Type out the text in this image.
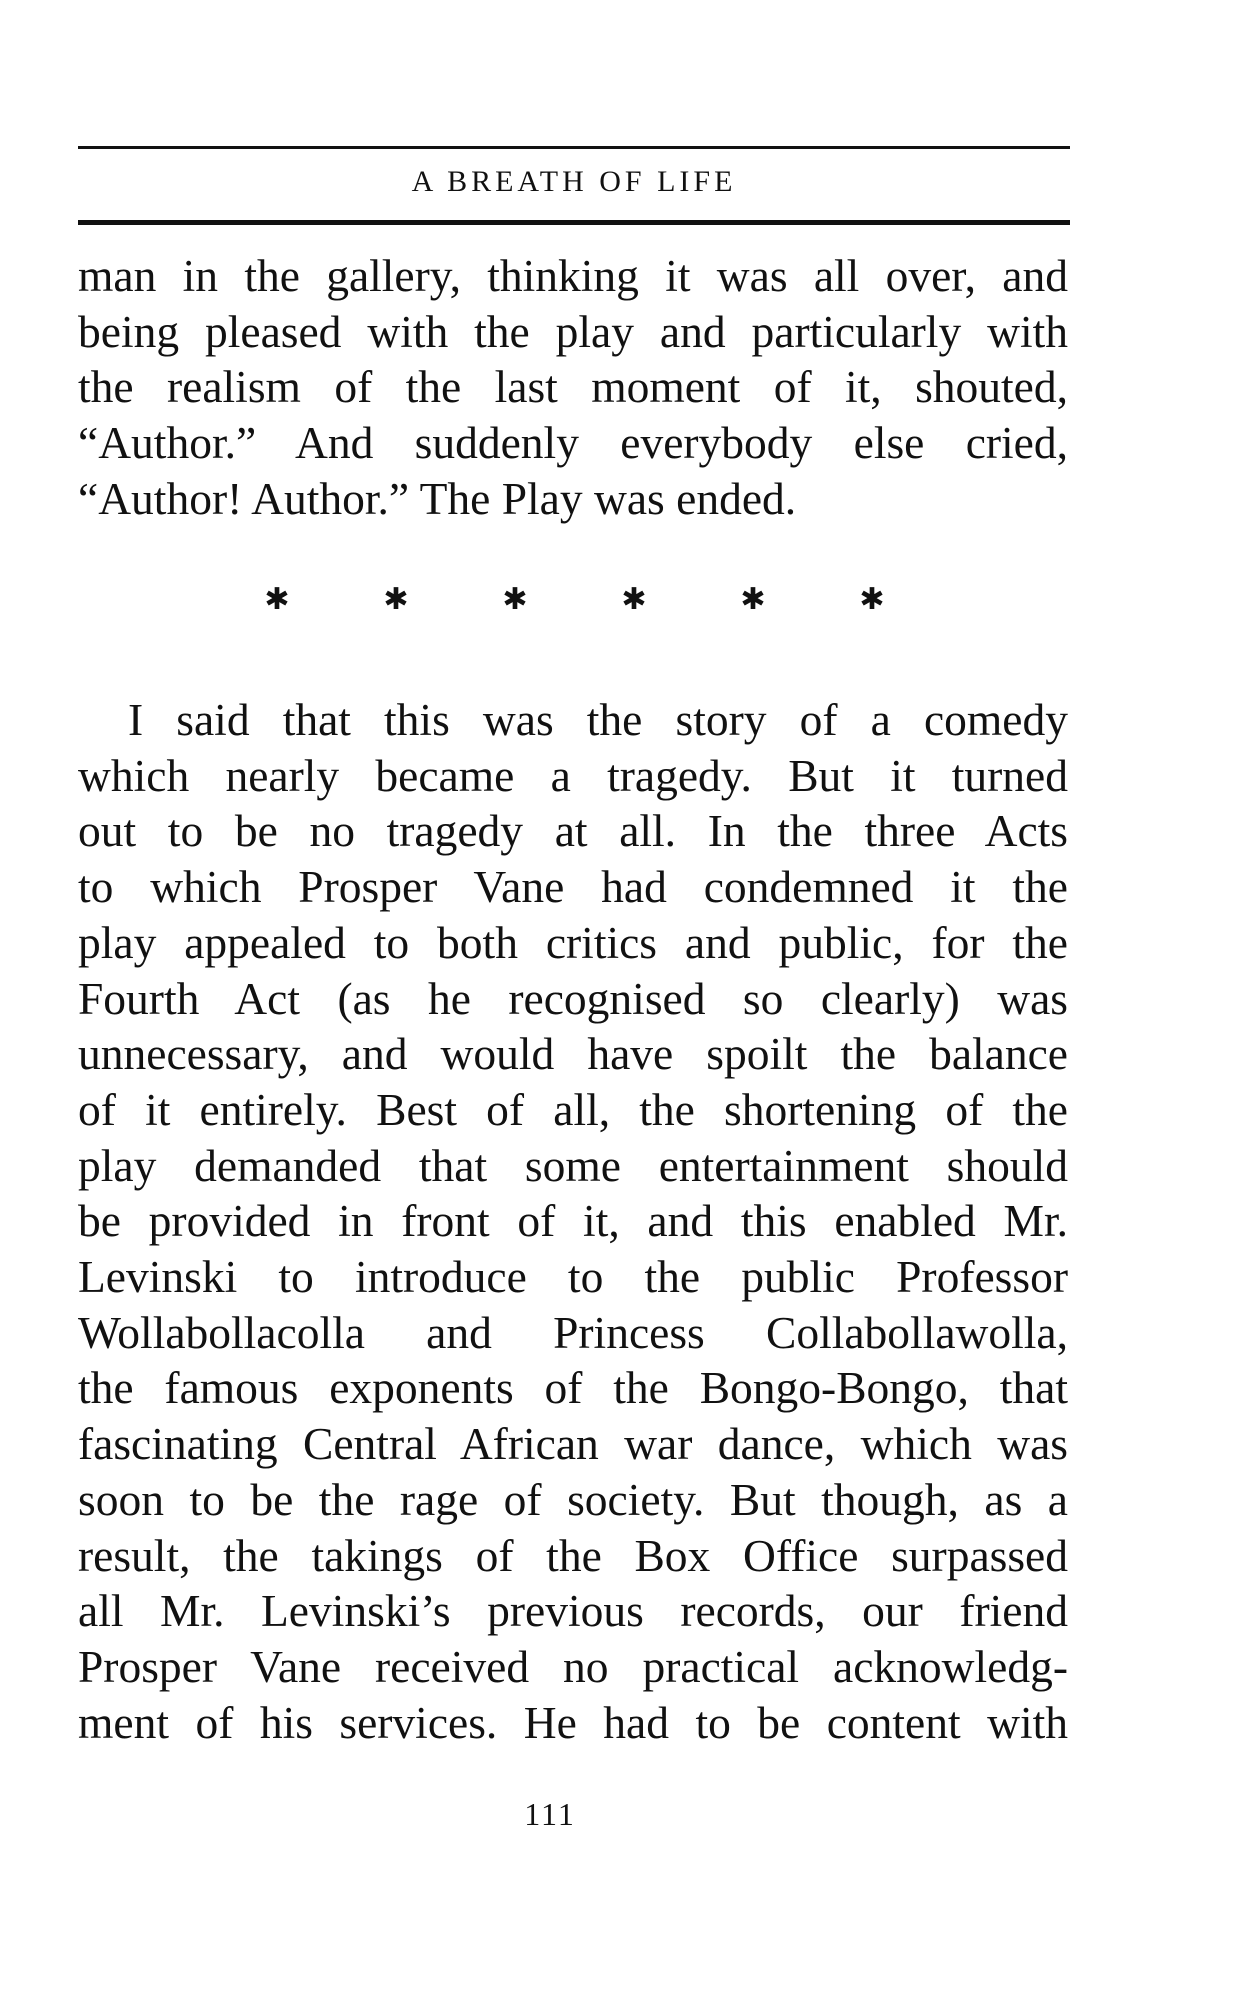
A BREATH OF LIFE

man in the gallery, thinking it was all over, and
being pleased with the play and particularly with
the realism of the last moment of it, shouted,
“Author.” And suddenly everybody else cried,
“Author! Author.” The Play was ended.

✱	✱	✱	✱	✱	✱

I said that this was the story of a comedy
which nearly became a tragedy. But it turned
out to be no tragedy at all. In the three Acts
to which Prosper Vane had condemned it the
play appealed to both critics and public, for the
Fourth Act (as he recognised so clearly) was
unnecessary, and would have spoilt the balance
of it entirely. Best of all, the shortening of the
play demanded that some entertainment should
be provided in front of it, and this enabled Mr.
Levinski to introduce to the public Professor
Wollabollacolla and Princess Collabollawolla,
the famous exponents of the Bongo-Bongo, that
fascinating Central African war dance, which was
soon to be the rage of society. But though, as a
result, the takings of the Box Office surpassed
all Mr. Levinski’s previous records, our friend
Prosper Vane received no practical acknowledg-
ment of his services. He had to be content with

111
